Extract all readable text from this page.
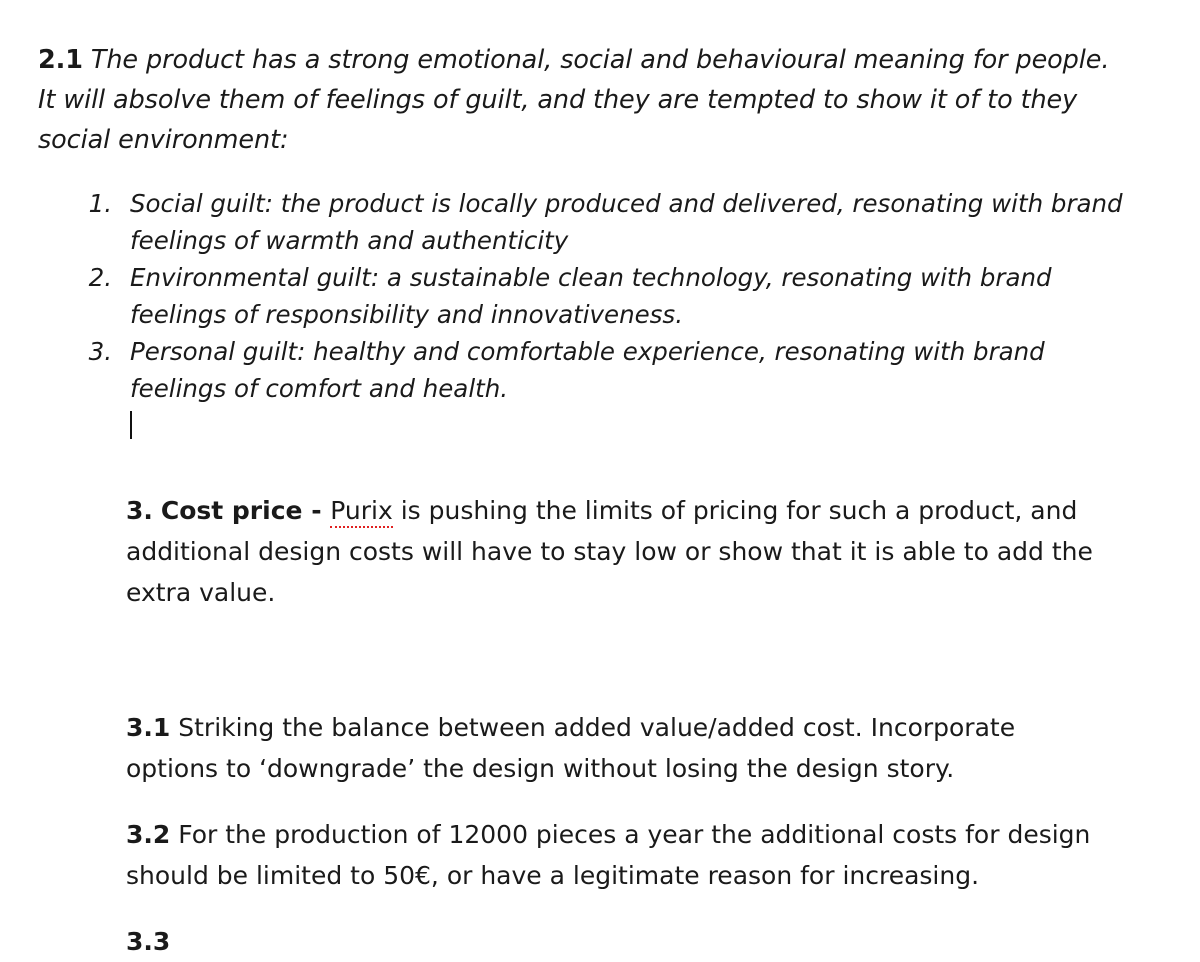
2.1 The product has a strong emotional, social and behavioural meaning for people. It will absolve them of feelings of guilt, and they are tempted to show it of to they social environment:

1. Social guilt: the product is locally produced and delivered, resonating with brand feelings of warmth and authenticity
2. Environmental guilt: a sustainable clean technology, resonating with brand feelings of responsibility and innovativeness.
3. Personal guilt: healthy and comfortable experience, resonating with brand feelings of comfort and health.

3. Cost price - Purix is pushing the limits of pricing for such a product, and additional design costs will have to stay low or show that it is able to add the extra value.

3.1 Striking the balance between added value/added cost. Incorporate options to ‘downgrade’ the design without losing the design story.

3.2 For the production of 12000 pieces a year the additional costs for design should be limited to 50€, or have a legitimate reason for increasing.

3.3
